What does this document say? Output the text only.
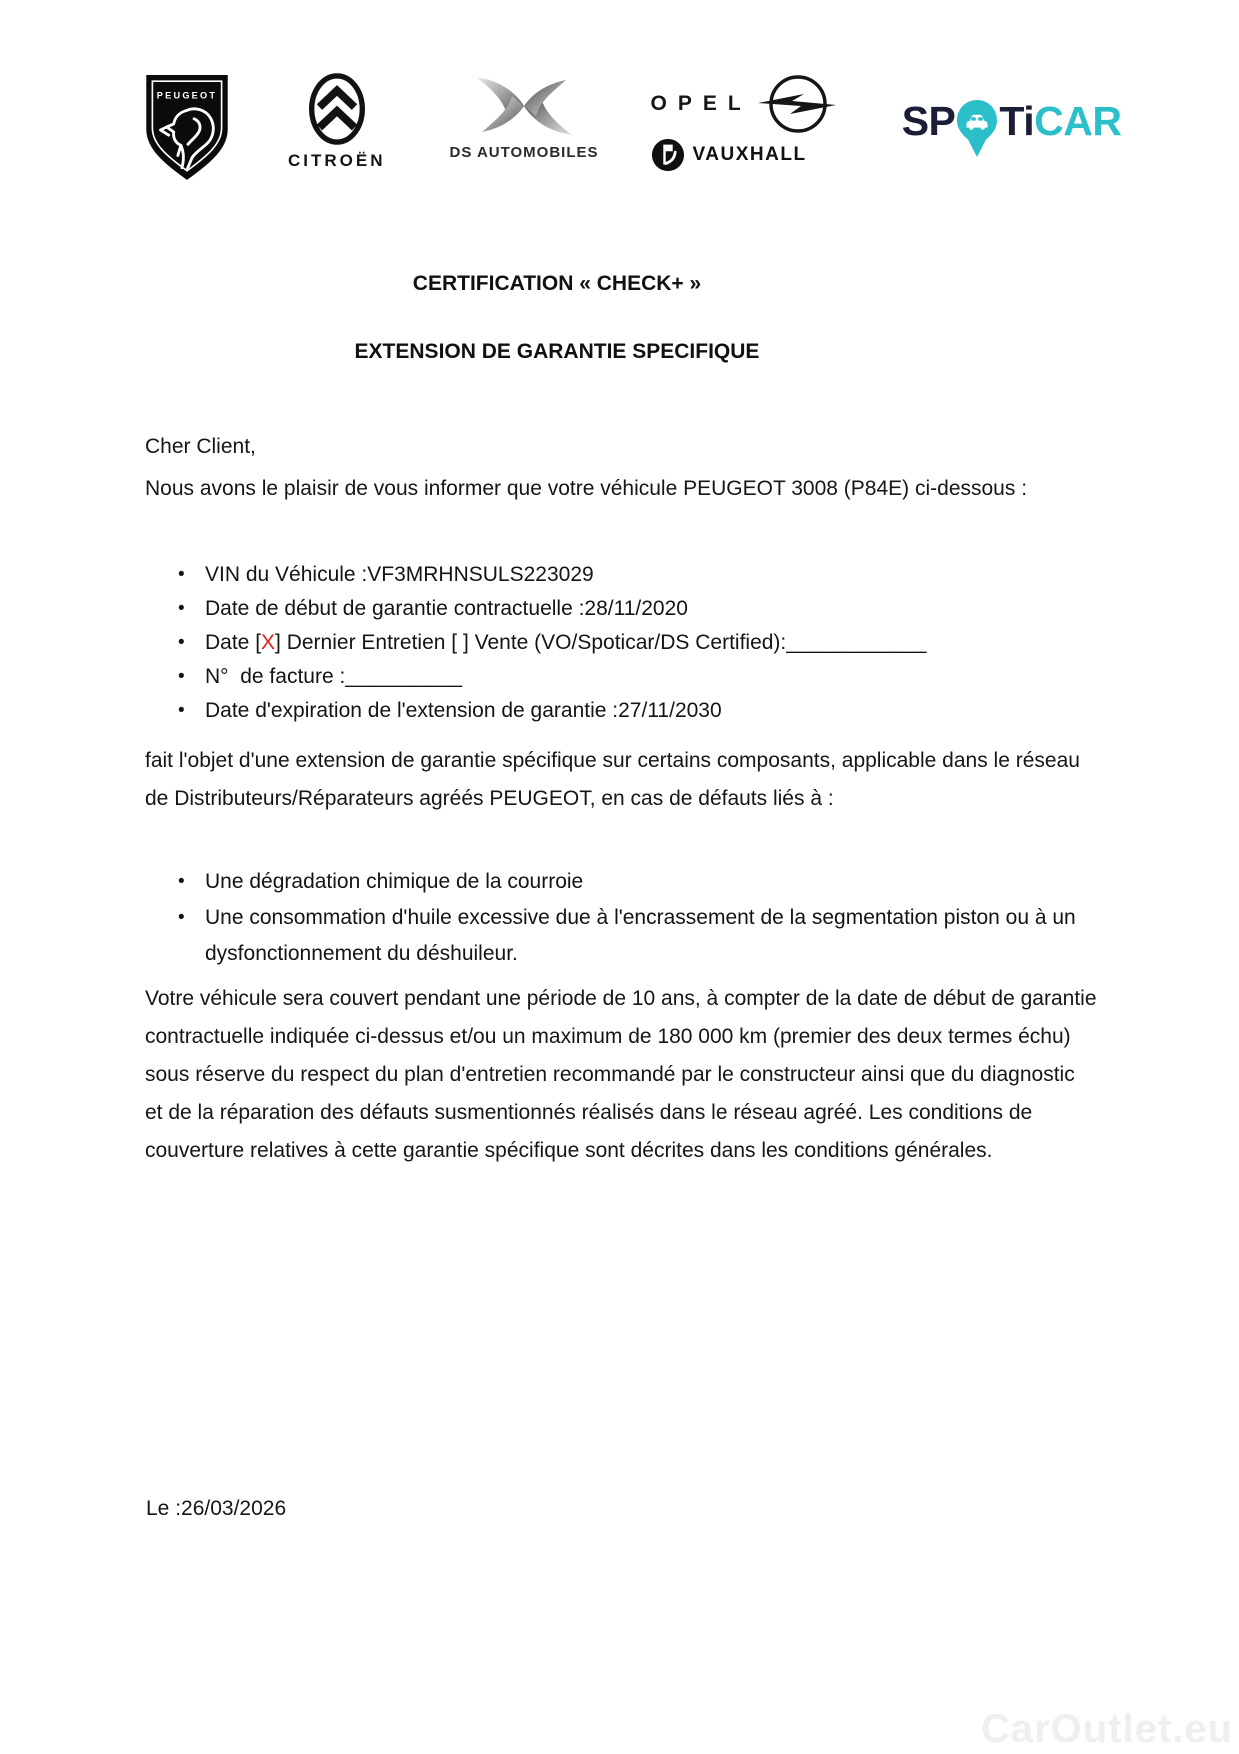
PEUGEOT
CITROËN	DS AUTOMOBILES
OPEL
VAUXHALL
SP Ti CAR
CERTIFICATION « CHECK+ »
EXTENSION DE GARANTIE SPECIFIQUE
Cher Client,
Nous avons le plaisir de vous informer que votre véhicule PEUGEOT 3008 (P84E) ci-dessous :
• VIN du Véhicule :VF3MRHNSULS223029
• Date de début de garantie contractuelle :28/11/2020
• Date [X] Dernier Entretien [ ] Vente (VO/Spoticar/DS Certified):____________
• N°  de facture :__________
• Date d'expiration de l'extension de garantie :27/11/2030
fait l'objet d'une extension de garantie spécifique sur certains composants, applicable dans le réseau de Distributeurs/Réparateurs agréés PEUGEOT, en cas de défauts liés à :
• Une dégradation chimique de la courroie
• Une consommation d'huile excessive due à l'encrassement de la segmentation piston ou à un dysfonctionnement du déshuileur.
Votre véhicule sera couvert pendant une période de 10 ans, à compter de la date de début de garantie contractuelle indiquée ci-dessus et/ou un maximum de 180 000 km (premier des deux termes échu) sous réserve du respect du plan d'entretien recommandé par le constructeur ainsi que du diagnostic et de la réparation des défauts susmentionnés réalisés dans le réseau agréé. Les conditions de couverture relatives à cette garantie spécifique sont décrites dans les conditions générales.
Le :26/03/2026
CarOutlet.eu
